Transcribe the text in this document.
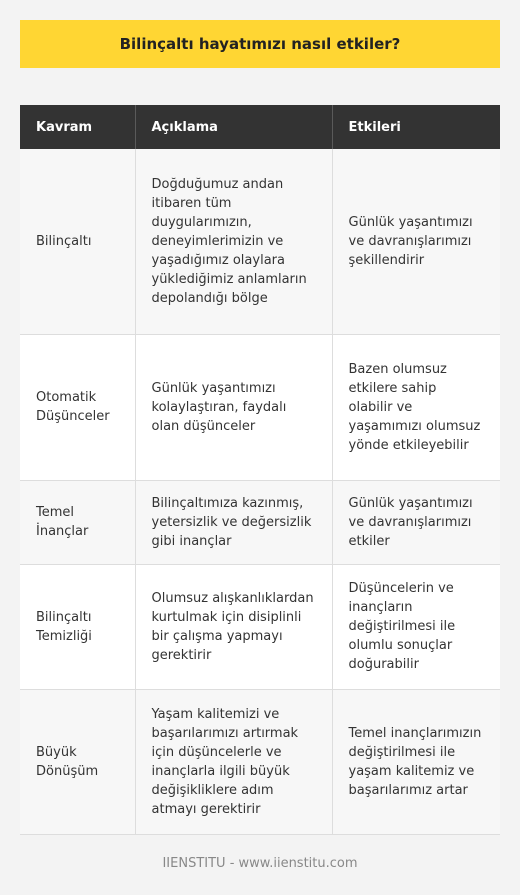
Bilinçaltı hayatımızı nasıl etkiler?
Kavram	Açıklama	Etkileri
Bilinçaltı	Doğduğumuz andan itibaren tüm duygularımızın, deneyimlerimizin ve yaşadığımız olaylara yüklediğimiz anlamların depolandığı bölge	Günlük yaşantımızı ve davranışlarımızı şekillendirir
Otomatik Düşünceler	Günlük yaşantımızı kolaylaştıran, faydalı olan düşünceler	Bazen olumsuz etkilere sahip olabilir ve yaşamımızı olumsuz yönde etkileyebilir
Temel İnançlar	Bilinçaltımıza kazınmış, yetersizlik ve değersizlik gibi inançlar	Günlük yaşantımızı ve davranışlarımızı etkiler
Bilinçaltı Temizliği	Olumsuz alışkanlıklardan kurtulmak için disiplinli bir çalışma yapmayı gerektirir	Düşüncelerin ve inançların değiştirilmesi ile olumlu sonuçlar doğurabilir
Büyük Dönüşüm	Yaşam kalitemizi ve başarılarımızı artırmak için düşüncelerle ve inançlarla ilgili büyük değişikliklere adım atmayı gerektirir	Temel inançlarımızın değiştirilmesi ile yaşam kalitemiz ve başarılarımız artar
IIENSTITU - www.iienstitu.com
